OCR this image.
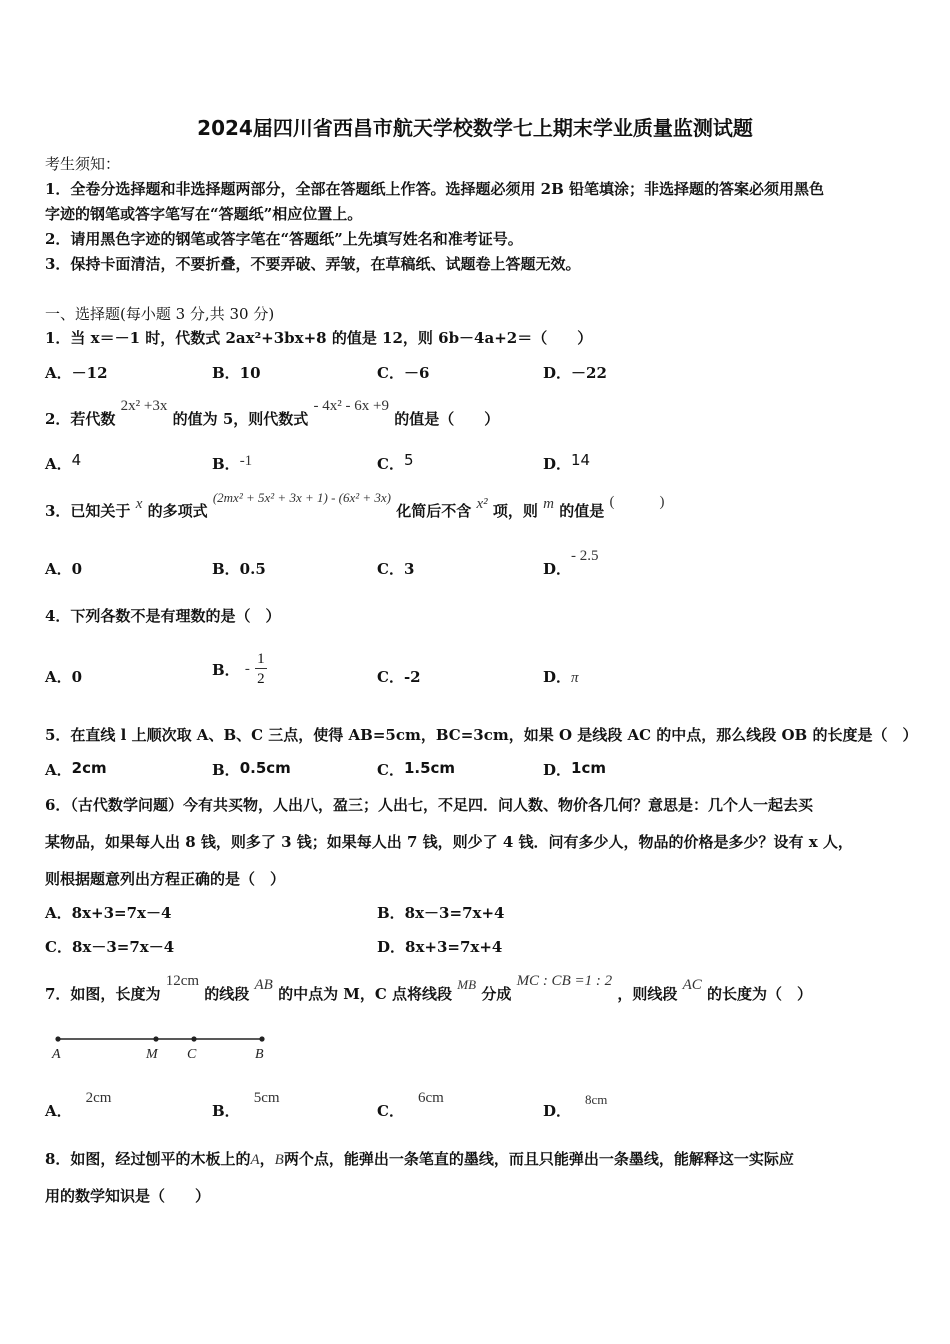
2024届四川省西昌市航天学校数学七上期末学业质量监测试题
考生须知：
1．全卷分选择题和非选择题两部分，全部在答题纸上作答。选择题必须用 2B 铅笔填涂；非选择题的答案必须用黑色
字迹的钢笔或答字笔写在“答题纸”相应位置上。
2．请用黑色字迹的钢笔或答字笔在“答题纸”上先填写姓名和准考证号。
3．保持卡面清洁，不要折叠，不要弄破、弄皱，在草稿纸、试题卷上答题无效。
一、选择题(每小题 3 分,共 30 分)
1．当 x＝－1 时，代数式 2ax²+3bx+8 的值是 12，则 6b－4a+2＝（　　）
A．－12	B．10	C．－6	D．－22
2．若代数 2x² +3x 的值为 5，则代数式 - 4x² - 6x +9 的值是（　　）
A．4	B．-1	C．5	D．14
3．已知关于 x 的多项式 (2mx² + 5x² + 3x + 1) - (6x² + 3x) 化简后不含 x² 项，则 m 的值是 (　　　)
A．0	B．0.5	C．3	D．- 2.5
4．下列各数不是有理数的是（　）
A．0	B． - $\frac{1}{2}$	C．-2	D．π
5．在直线 l 上顺次取 A、B、C 三点，使得 AB=5cm，BC=3cm，如果 O 是线段 AC 的中点，那么线段 OB 的长度是（　）
A．2cm	B．0.5cm	C．1.5cm	D．1cm
6．（古代数学问题）今有共买物，人出八，盈三；人出七，不足四．问人数、物价各几何？意思是：几个人一起去买
某物品，如果每人出 8 钱，则多了 3 钱；如果每人出 7 钱，则少了 4 钱．问有多少人，物品的价格是多少？设有 x 人，
则根据题意列出方程正确的是（　）
A．8x+3=7x－4	B．8x－3=7x+4
C．8x－3=7x－4	D．8x+3=7x+4
7．如图，长度为 12cm 的线段 AB 的中点为 M，C 点将线段 MB 分成 MC : CB =1 : 2 ，则线段 AC 的长度为（　）
A	M C	B
A．2cm
B．5cm
C．6cm
D．8cm
8．如图，经过刨平的木板上的A，B两个点，能弹出一条笔直的墨线，而且只能弹出一条墨线，能解释这一实际应
用的数学知识是（　　）
